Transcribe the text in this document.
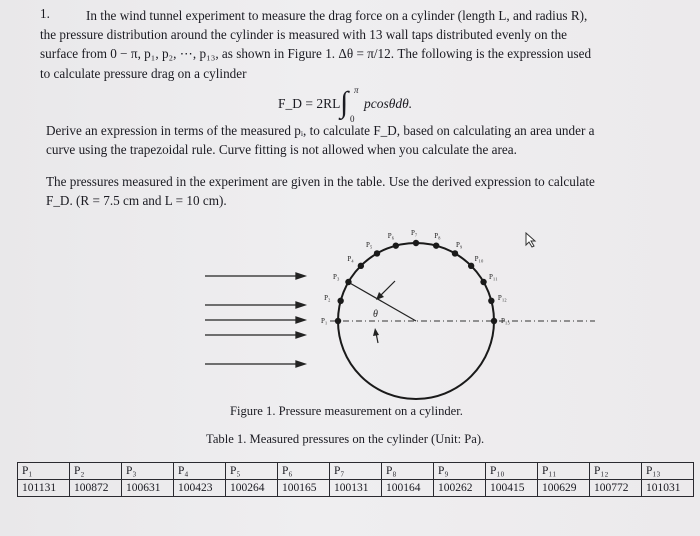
1.	In the wind tunnel experiment to measure the drag force on a cylinder (length L, and radius R),
the pressure distribution around the cylinder is measured with 13 wall taps distributed evenly on the
surface from 0 − π, p₁, p₂, ⋯, p₁₃, as shown in Figure 1. Δθ = π/12. The following is the expression used
to calculate pressure drag on a cylinder
F_D = 2RL ∫ π
0
pcosθdθ.
Derive an expression in terms of the measured pᵢ, to calculate F_D, based on calculating an area under a
curve using the trapezoidal rule. Curve fitting is not allowed when you calculate the area.
The pressures measured in the experiment are given in the table. Use the derived expression to calculate
F_D. (R = 7.5 cm and L = 10 cm).
θ
P₁
P₂
P₃
P₄
P₅
P₆ P₇ P₈
P₉
P₁₀
P₁₁
P₁₂
P₁₃
Figure 1. Pressure measurement on a cylinder.
Table 1. Measured pressures on the cylinder (Unit: Pa).
P₁	P₂	P₃	P₄	P₅	P₆	P₇	P₈	P₉	P₁₀	P₁₁	P₁₂	P₁₃
101131	100872	100631	100423	100264	100165	100131	100164	100262	100415	100629	100772	101031
